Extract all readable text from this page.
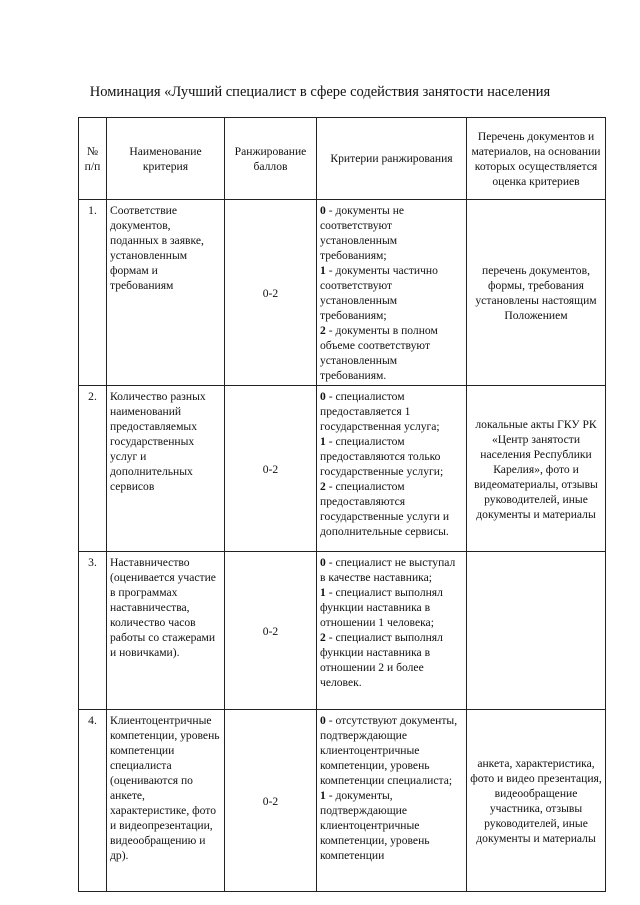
Номинация «Лучший специалист в сфере содействия занятости населения
№ п/п	Наименование критерия	Ранжирование баллов	Критерии ранжирования	Перечень документов и материалов, на основании которых осуществляется оценка критериев
1.	Соответствие документов, поданных в заявке, установленным формам и требованиям	0-2	0 - документы не соответствуют установленным требованиям;
1 - документы частично соответствуют установленным требованиям;
2 - документы в полном объеме соответствуют установленным требованиям.	перечень документов, формы, требования установлены настоящим Положением
2.	Количество разных наименований предоставляемых государственных услуг и дополнительных сервисов	0-2	0 - специалистом предоставляется 1 государственная услуга;
1 - специалистом предоставляются только государственные услуги;
2 - специалистом предоставляются государственные услуги и дополнительные сервисы.	локальные акты ГКУ РК «Центр занятости населения Республики Карелия», фото и видеоматериалы, отзывы руководителей, иные документы и материалы
3.	Наставничество (оценивается участие в программах наставничества, количество часов работы со стажерами и новичками).	0-2	0 - специалист не выступал в качестве наставника;
1 - специалист выполнял функции наставника в отношении 1 человека;
2 - специалист выполнял функции наставника в отношении 2 и более человек.	

4.	Клиентоцентричные компетенции, уровень компетенции специалиста (оцениваются по анкете, характеристике, фото и видеопрезентации, видеообращению и др).	0-2	0 - отсутствуют документы, подтверждающие клиентоцентричные компетенции, уровень компетенции специалиста;
1 - документы, подтверждающие клиентоцентричные компетенции, уровень компетенции	анкета, характеристика, фото и видео презентация, видеообращение участника, отзывы руководителей, иные документы и материалы
